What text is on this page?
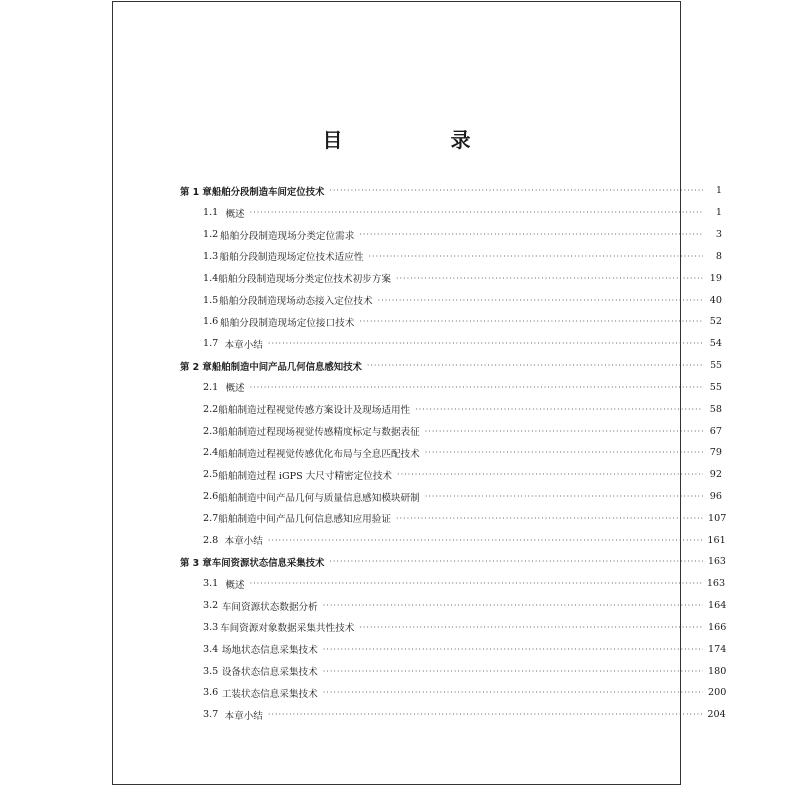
目　录
第 1 章 船舶分段制造车间定位技术 ·····	1
1.1 概述 ·····	1
1.2 船舶分段制造现场分类定位需求 ·····	3
1.3 船舶分段制造现场定位技术适应性 ·····	8
1.4 船舶分段制造现场分类定位技术初步方案 ·····	19
1.5 船舶分段制造现场动态接入定位技术 ·····	40
1.6 船舶分段制造现场定位接口技术 ·····	52
1.7 本章小结 ·····	54
第 2 章 船舶制造中间产品几何信息感知技术 ·····	55
2.1 概述 ·····	55
2.2 船舶制造过程视觉传感方案设计及现场适用性 ·····	58
2.3 船舶制造过程现场视觉传感精度标定与数据表征 ·····	67
2.4 船舶制造过程视觉传感优化布局与全息匹配技术 ·····	79
2.5 船舶制造过程 iGPS 大尺寸精密定位技术 ·····	92
2.6 船舶制造中间产品几何与质量信息感知模块研制 ·····	96
2.7 船舶制造中间产品几何信息感知应用验证 ·····	107
2.8 本章小结 ·····	161
第 3 章 车间资源状态信息采集技术 ·····	163
3.1 概述 ·····	163
3.2 车间资源状态数据分析 ·····	164
3.3 车间资源对象数据采集共性技术 ·····	166
3.4 场地状态信息采集技术 ·····	174
3.5 设备状态信息采集技术 ·····	180
3.6 工装状态信息采集技术 ·····	200
3.7 本章小结 ·····	204
